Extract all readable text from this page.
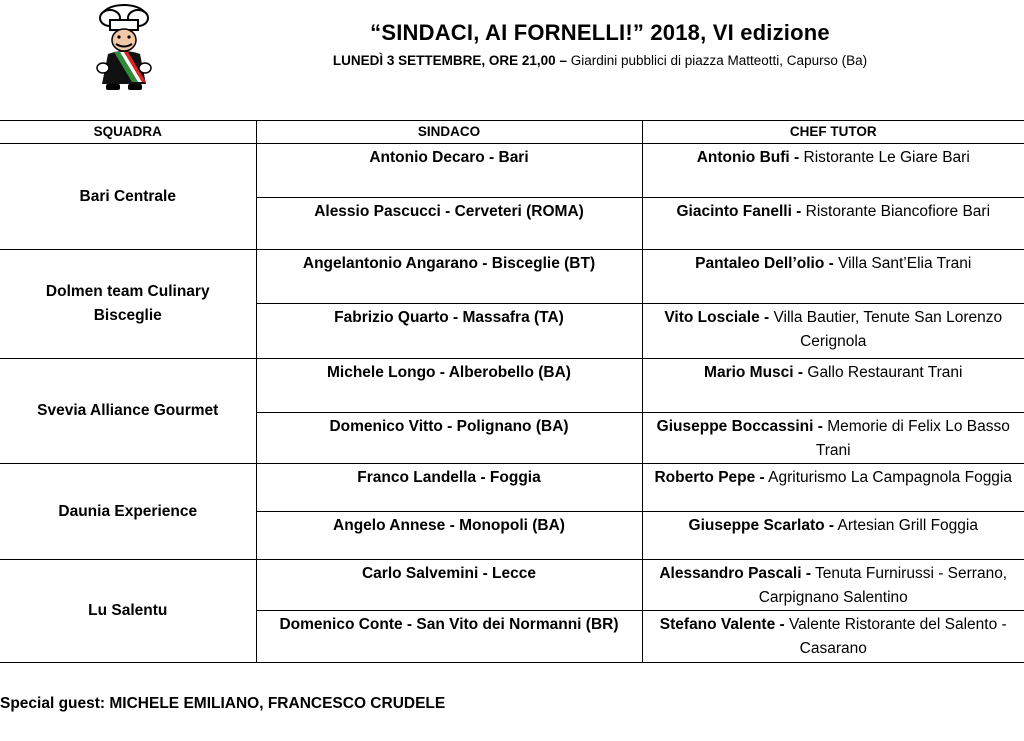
“SINDACI, AI FORNELLI!” 2018, VI edizione
LUNEDÌ 3 SETTEMBRE, ORE 21,00 – Giardini pubblici di piazza Matteotti, Capurso (Ba)
SQUADRA	SINDACO	CHEF TUTOR
Bari Centrale	Antonio Decaro - Bari	Antonio Bufi - Ristorante Le Giare Bari
	Alessio Pascucci - Cerveteri (ROMA)	Giacinto Fanelli - Ristorante Biancofiore Bari
Dolmen team Culinary Bisceglie	Angelantonio Angarano - Bisceglie (BT)	Pantaleo Dell’olio - Villa Sant’Elia Trani
	Fabrizio Quarto - Massafra (TA)	Vito Losciale - Villa Bautier, Tenute San Lorenzo Cerignola
Svevia Alliance Gourmet	Michele Longo - Alberobello (BA)	Mario Musci - Gallo Restaurant Trani
	Domenico Vitto - Polignano (BA)	Giuseppe Boccassini - Memorie di Felix Lo Basso Trani
Daunia Experience	Franco Landella - Foggia	Roberto Pepe - Agriturismo La Campagnola Foggia
	Angelo Annese - Monopoli (BA)	Giuseppe Scarlato - Artesian Grill Foggia
Lu Salentu	Carlo Salvemini - Lecce	Alessandro Pascali - Tenuta Furnirussi - Serrano, Carpignano Salentino
	Domenico Conte - San Vito dei Normanni (BR)	Stefano Valente - Valente Ristorante del Salento - Casarano
Special guest: MICHELE EMILIANO, FRANCESCO CRUDELE
